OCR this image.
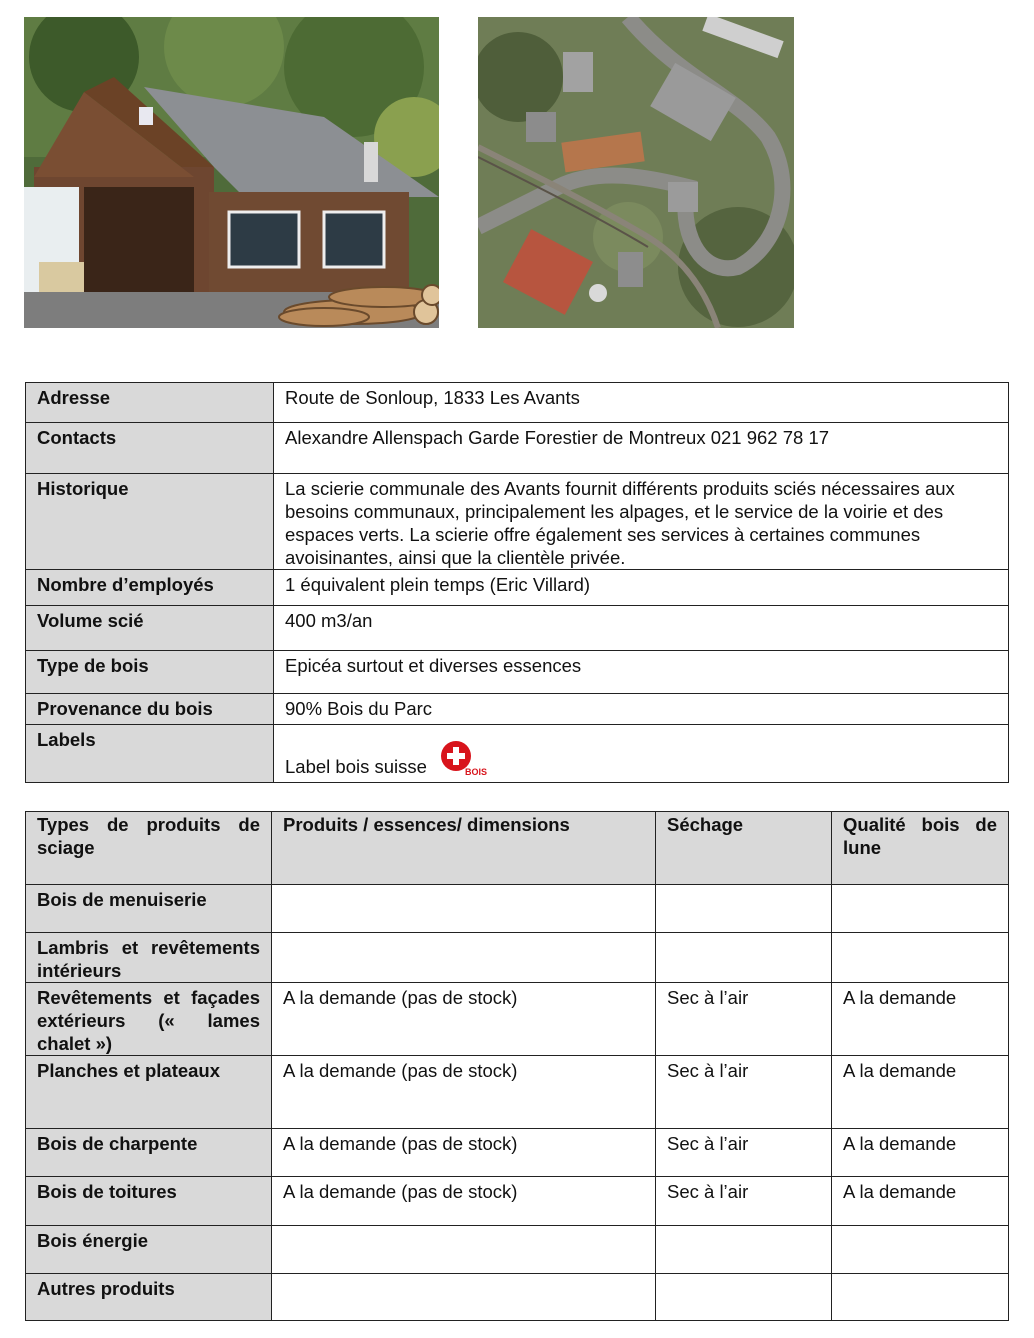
Adresse	Route de Sonloup, 1833 Les Avants
Contacts	Alexandre Allenspach Garde Forestier de Montreux 021 962 78 17
Historique	La scierie communale des Avants fournit différents produits sciés nécessaires aux besoins communaux, principalement les alpages, et le service de la voirie et des espaces verts. La scierie offre également ses services à certaines communes avoisinantes, ainsi que la clientèle privée.
Nombre d’employés	1 équivalent plein temps (Eric Villard)
Volume scié	400 m3/an
Type de bois	Epicéa surtout et diverses essences
Provenance du bois	90% Bois du Parc
Labels	Label bois suisse BOIS
Types de produits de sciage	Produits / essences/ dimensions	Séchage	Qualité bois de lune
Bois de menuiserie			
Lambris et revêtements intérieurs			
Revêtements et façades extérieurs (« lames chalet »)	A la demande (pas de stock)	Sec à l’air	A la demande
Planches et plateaux	A la demande (pas de stock)	Sec à l’air	A la demande
Bois de charpente	A la demande (pas de stock)	Sec à l’air	A la demande
Bois de toitures	A la demande (pas de stock)	Sec à l’air	A la demande
Bois énergie			
Autres produits			
